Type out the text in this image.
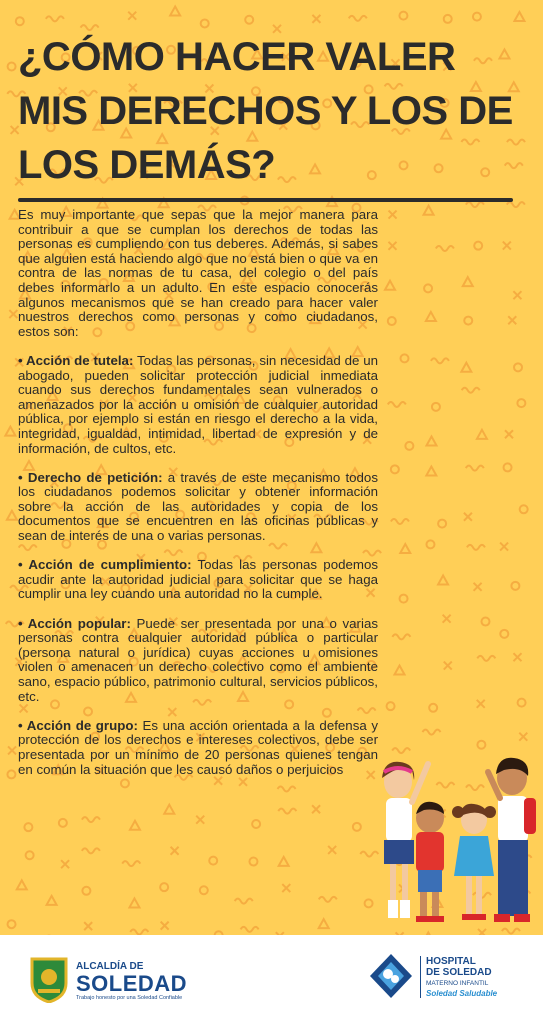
¿CÓMO HACER VALER MIS DERECHOS Y LOS DE LOS DEMÁS?

Es muy importante que sepas que la mejor manera para contribuir a que se cumplan los derechos de todas las personas es cumpliendo con tus deberes. Además, si sabes que alguien está haciendo algo que no está bien o que va en contra de las normas de tu casa, del colegio o del país debes informarlo a un adulto. En este espacio conocerás algunos mecanismos que se han creado para hacer valer nuestros derechos como personas y como ciudadanos, estos son:

• Acción de tutela: Todas las personas, sin necesidad de un abogado, pueden solicitar protección judicial inmediata cuando sus derechos fundamentales sean vulnerados o amenazados por la acción u omisión de cualquier autoridad pública, por ejemplo si están en riesgo el derecho a la vida, integridad, igualdad, intimidad, libertad de expresión y de información, de cultos, etc.

• Derecho de petición: a través de este mecanismo todos los ciudadanos podemos solicitar y obtener información sobre la acción de las autoridades y copia de los documentos que se encuentren en las oficinas públicas y sean de interés de una o varias personas.

• Acción de cumplimiento: Todas las personas podemos acudir ante la autoridad judicial para solicitar que se haga cumplir una ley cuando una autoridad no la cumple.

• Acción popular: Puede ser presentada por una o varias personas contra cualquier autoridad pública o particular (persona natural o jurídica) cuyas acciones u omisiones violen o amenacen un derecho colectivo como el ambiente sano, espacio público, patrimonio cultural, servicios públicos, etc.

• Acción de grupo: Es una acción orientada a la defensa y protección de los derechos e intereses colectivos, debe ser presentada por un mínimo de 20 personas quienes tengan en común la situación que les causó daños o perjuicios

ALCALDÍA DE
SOLEDAD
Trabajo honesto por una Soledad Confiable
HOSPITAL
DE SOLEDAD
MATERNO INFANTIL
Soledad Saludable
